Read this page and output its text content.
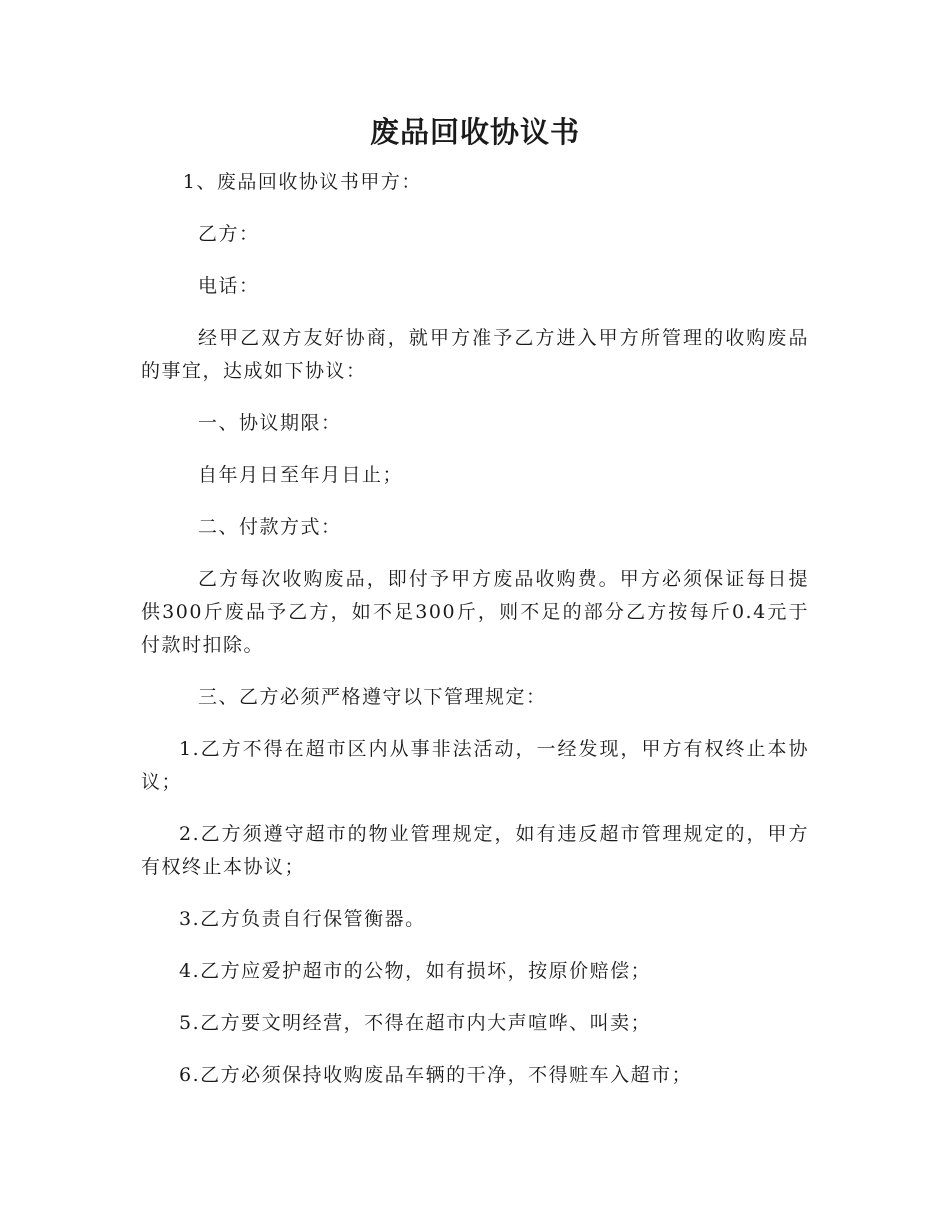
废品回收协议书

1、废品回收协议书甲方：

乙方：

电话：

经甲乙双方友好协商，就甲方准予乙方进入甲方所管理的收购废品的事宜，达成如下协议：

一、协议期限：

自年月日至年月日止；

二、付款方式：

乙方每次收购废品，即付予甲方废品收购费。甲方必须保证每日提供300斤废品予乙方，如不足300斤，则不足的部分乙方按每斤0.4元于付款时扣除。

三、乙方必须严格遵守以下管理规定：

1.乙方不得在超市区内从事非法活动，一经发现，甲方有权终止本协议；

2.乙方须遵守超市的物业管理规定，如有违反超市管理规定的，甲方有权终止本协议；

3.乙方负责自行保管衡器。

4.乙方应爱护超市的公物，如有损坏，按原价赔偿；

5.乙方要文明经营，不得在超市内大声喧哗、叫卖；

6.乙方必须保持收购废品车辆的干净，不得赃车入超市；
